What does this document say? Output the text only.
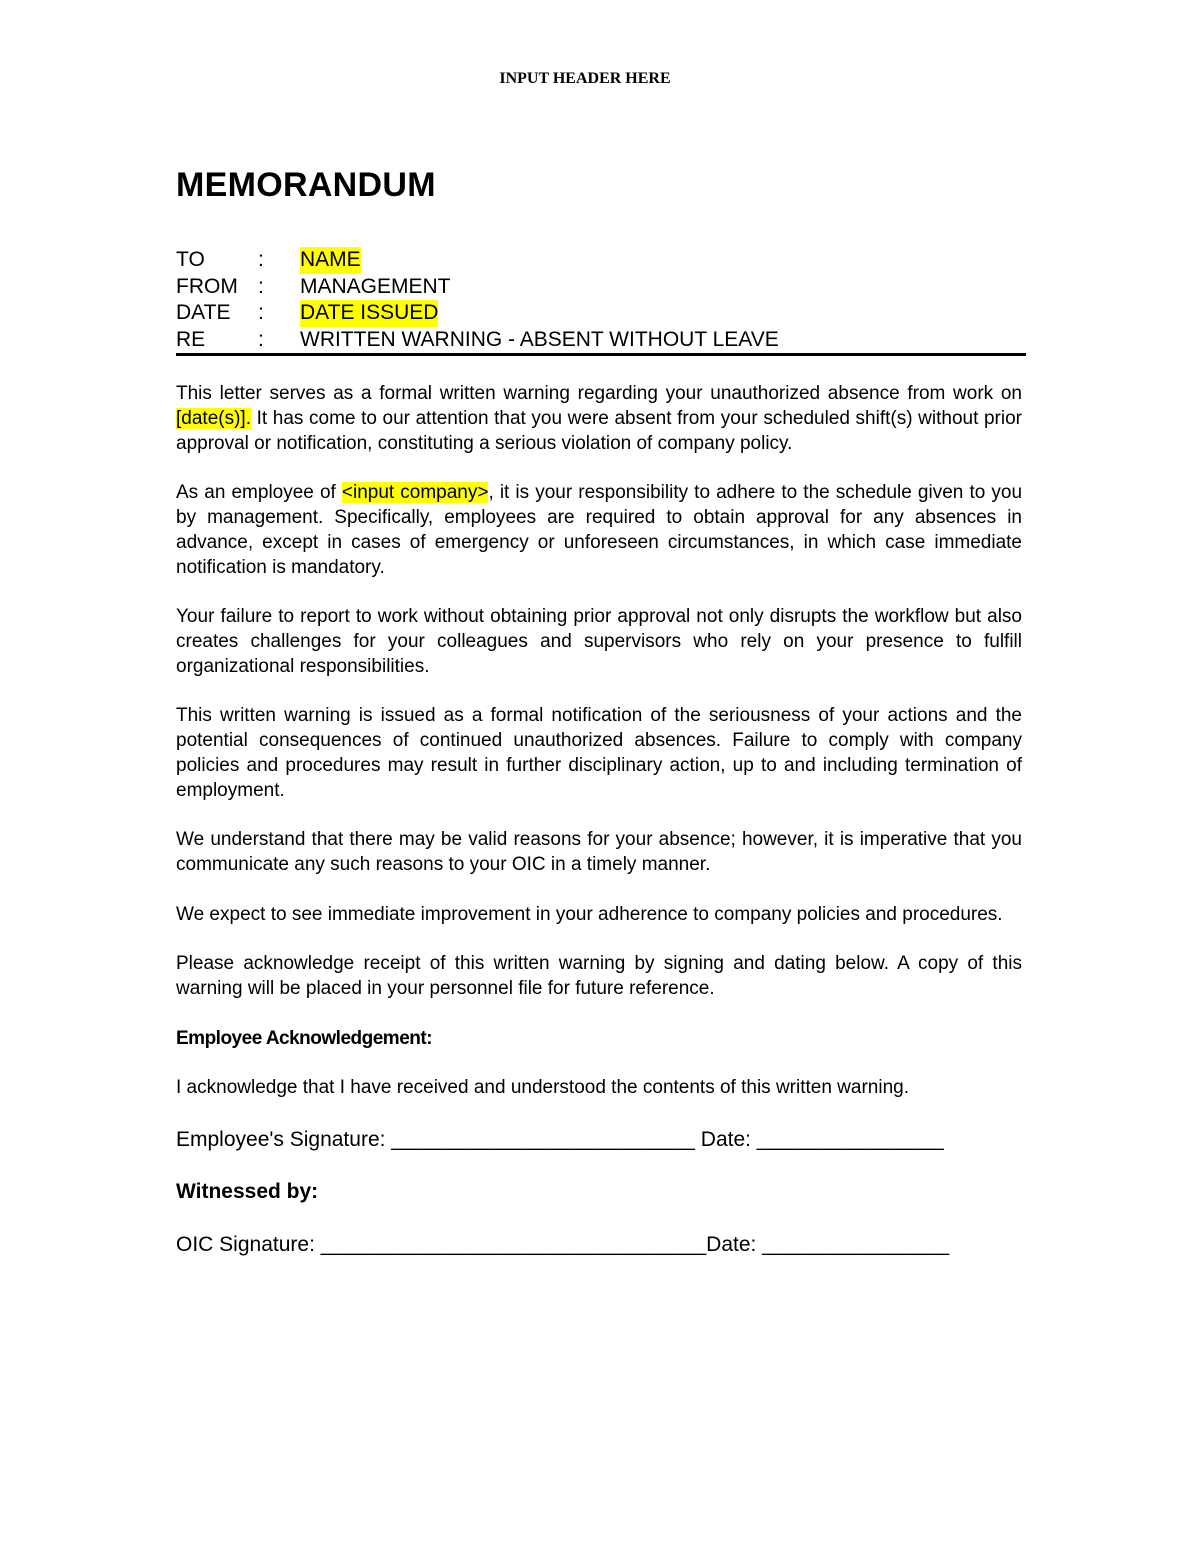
INPUT HEADER HERE
MEMORANDUM
TO	: NAME
FROM : MANAGEMENT
DATE : DATE ISSUED
RE	: WRITTEN WARNING - ABSENT WITHOUT LEAVE

This letter serves as a formal written warning regarding your unauthorized absence from work on [date(s)]. It has come to our attention that you were absent from your scheduled shift(s) without prior approval or notification, constituting a serious violation of company policy.

As an employee of <input company>, it is your responsibility to adhere to the schedule given to you by management. Specifically, employees are required to obtain approval for any absences in advance, except in cases of emergency or unforeseen circumstances, in which case immediate notification is mandatory.

Your failure to report to work without obtaining prior approval not only disrupts the workflow but also creates challenges for your colleagues and supervisors who rely on your presence to fulfill organizational responsibilities.

This written warning is issued as a formal notification of the seriousness of your actions and the potential consequences of continued unauthorized absences. Failure to comply with company policies and procedures may result in further disciplinary action, up to and including termination of employment.

We understand that there may be valid reasons for your absence; however, it is imperative that you communicate any such reasons to your OIC in a timely manner.

We expect to see immediate improvement in your adherence to company policies and procedures.

Please acknowledge receipt of this written warning by signing and dating below. A copy of this warning will be placed in your personnel file for future reference.

Employee Acknowledgement:

I acknowledge that I have received and understood the contents of this written warning.

Employee's Signature: __________________________ Date: ________________
Witnessed by:
OIC Signature: _________________________________Date: ________________
